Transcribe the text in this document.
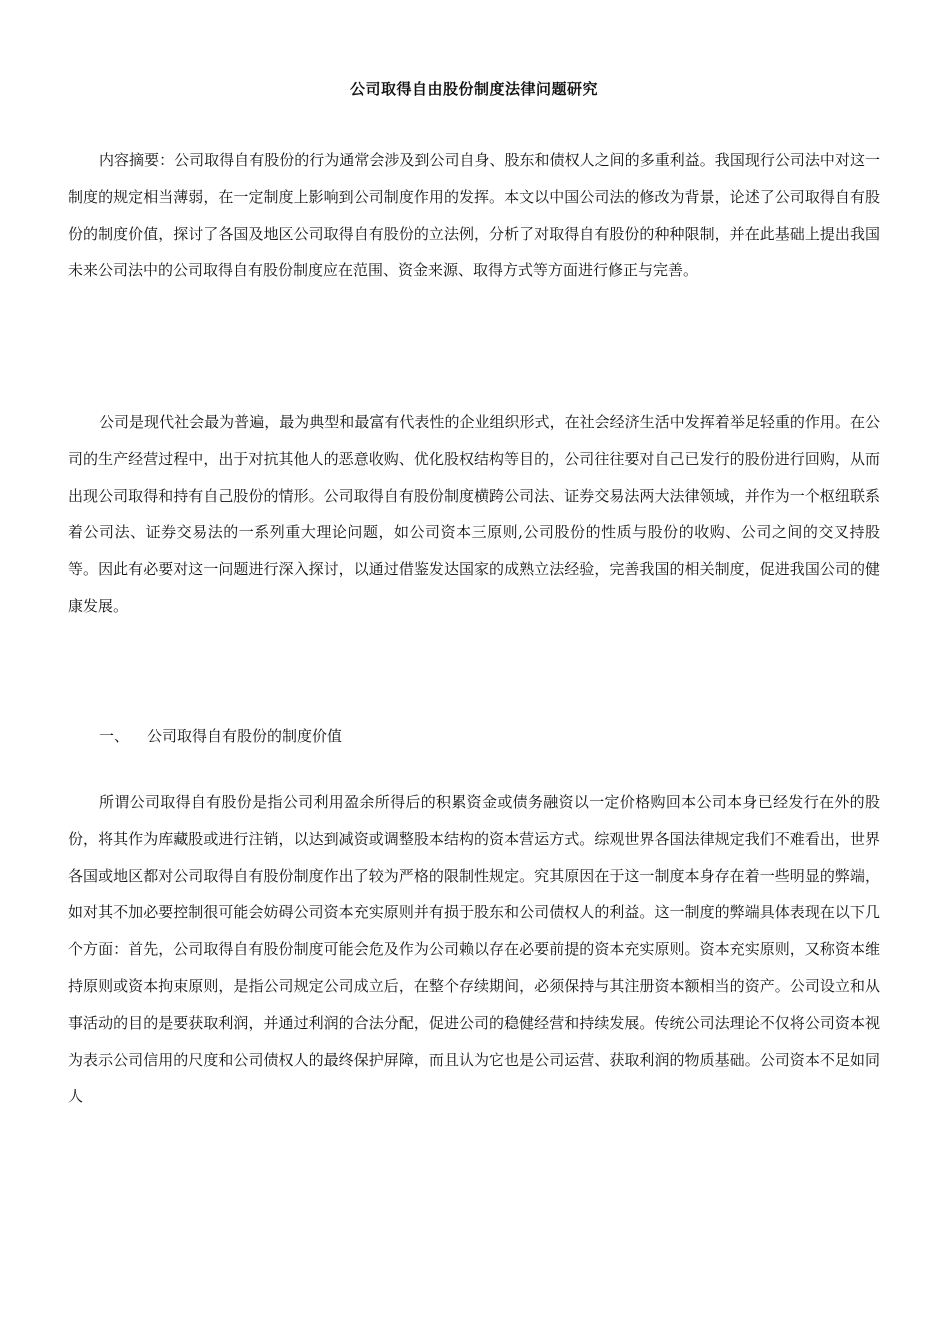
公司取得自由股份制度法律问题研究

内容摘要：公司取得自有股份的行为通常会涉及到公司自身、股东和债权人之间的多重利益。我国现行公司法中对这一制度的规定相当薄弱，在一定制度上影响到公司制度作用的发挥。本文以中国公司法的修改为背景，论述了公司取得自有股份的制度价值，探讨了各国及地区公司取得自有股份的立法例，分析了对取得自有股份的种种限制，并在此基础上提出我国未来公司法中的公司取得自有股份制度应在范围、资金来源、取得方式等方面进行修正与完善。

公司是现代社会最为普遍，最为典型和最富有代表性的企业组织形式，在社会经济生活中发挥着举足轻重的作用。在公司的生产经营过程中，出于对抗其他人的恶意收购、优化股权结构等目的，公司往往要对自己已发行的股份进行回购，从而出现公司取得和持有自己股份的情形。公司取得自有股份制度横跨公司法、证券交易法两大法律领域，并作为一个枢纽联系着公司法、证券交易法的一系列重大理论问题，如公司资本三原则,公司股份的性质与股份的收购、公司之间的交叉持股等。因此有必要对这一问题进行深入探讨，以通过借鉴发达国家的成熟立法经验，完善我国的相关制度，促进我国公司的健康发展。

一、 公司取得自有股份的制度价值

所谓公司取得自有股份是指公司利用盈余所得后的积累资金或债务融资以一定价格购回本公司本身已经发行在外的股份，将其作为库藏股或进行注销，以达到减资或调整股本结构的资本营运方式。综观世界各国法律规定我们不难看出，世界各国或地区都对公司取得自有股份制度作出了较为严格的限制性规定。究其原因在于这一制度本身存在着一些明显的弊端，如对其不加必要控制很可能会妨碍公司资本充实原则并有损于股东和公司债权人的利益。这一制度的弊端具体表现在以下几个方面：首先，公司取得自有股份制度可能会危及作为公司赖以存在必要前提的资本充实原则。资本充实原则，又称资本维持原则或资本拘束原则，是指公司规定公司成立后，在整个存续期间，必须保持与其注册资本额相当的资产。公司设立和从事活动的目的是要获取利润，并通过利润的合法分配，促进公司的稳健经营和持续发展。传统公司法理论不仅将公司资本视为表示公司信用的尺度和公司债权人的最终保护屏障，而且认为它也是公司运营、获取利润的物质基础。公司资本不足如同人
